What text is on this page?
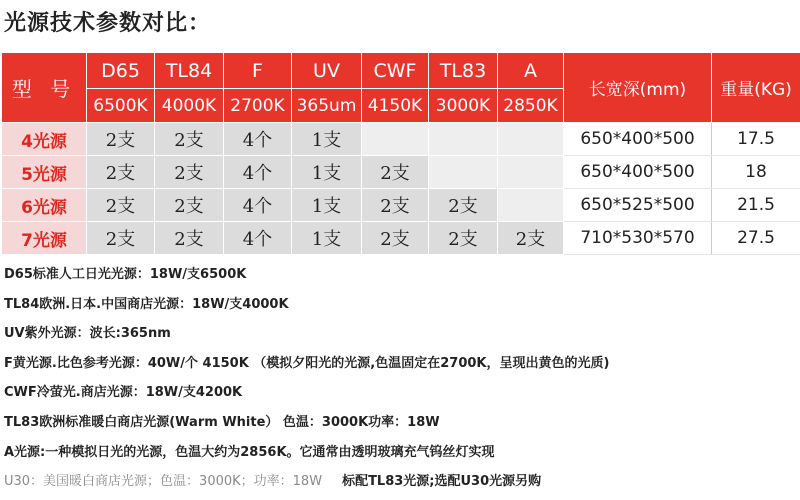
光源技术参数对比：
型 号	D65	TL84	F	UV	CWF	TL83	A	长宽深(mm)	重量(KG)
	6500K	4000K	2700K	365um	4150K	3000K	2850K		
4光源	2支	2支	4个	1支				650*400*500	17.5
5光源	2支	2支	4个	1支	2支			650*400*500	18
6光源	2支	2支	4个	1支	2支	2支		650*525*500	21.5
7光源	2支	2支	4个	1支	2支	2支	2支	710*530*570	27.5
D65标准人工日光光源：18W/支6500K
TL84欧洲.日本.中国商店光源：18W/支4000K
UV紫外光源：波长:365nm
F黄光源.比色参考光源：40W/个 4150K （模拟夕阳光的光源,色温固定在2700K，呈现出黄色的光质)
CWF冷萤光.商店光源：18W/支4200K
TL83欧洲标准暖白商店光源(Warm White） 色温：3000K功率：18W
A光源:一种模拟日光的光源，色温大约为2856K。它通常由透明玻璃充气钨丝灯实现
U30：美国暖白商店光源；色温：3000K；功率：18W 标配TL83光源;选配U30光源另购
